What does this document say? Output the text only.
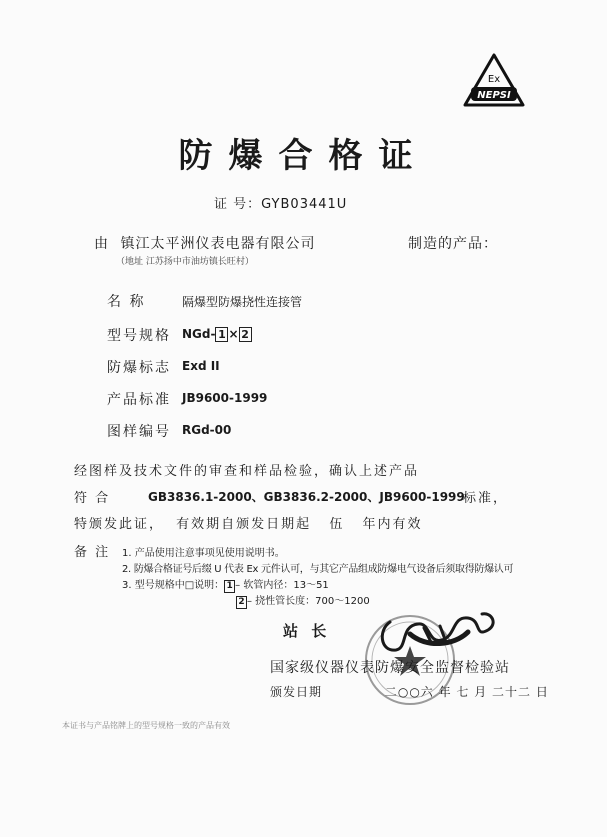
Ex
NEPSI
防爆合格证
证 号：GYB03441U
由 镇江太平洲仪表电器有限公司	制造的产品：
（地址 江苏扬中市油坊镇长旺村）
名 称	隔爆型防爆挠性连接管
型号规格 NGd- 1 × 2
防爆标志 Exd II
产品标准 JB9600-1999
图样编号 RGd-00
经图样及技术文件的审查和样品检验，确认上述产品
符 合	GB3836.1-2000、GB3836.2-2000、JB9600-1999
标准，
特颁发此证， 有效期自颁发日期起 伍 年内有效
备 注 1. 产品使用注意事项见使用说明书。
2. 防爆合格证号后缀 U 代表 Ex 元件认可，与其它产品组成防爆电气设备后须取得防爆认可
3. 型号规格中□说明： 1 – 软管内径：13～51
2 – 挠性管长度：700～1200
站 长
国家级仪器仪表防爆安全监督检验站
颁发日期	二○○六 年 七 月 二十二 日
本证书与产品铭牌上的型号规格一致的产品有效
